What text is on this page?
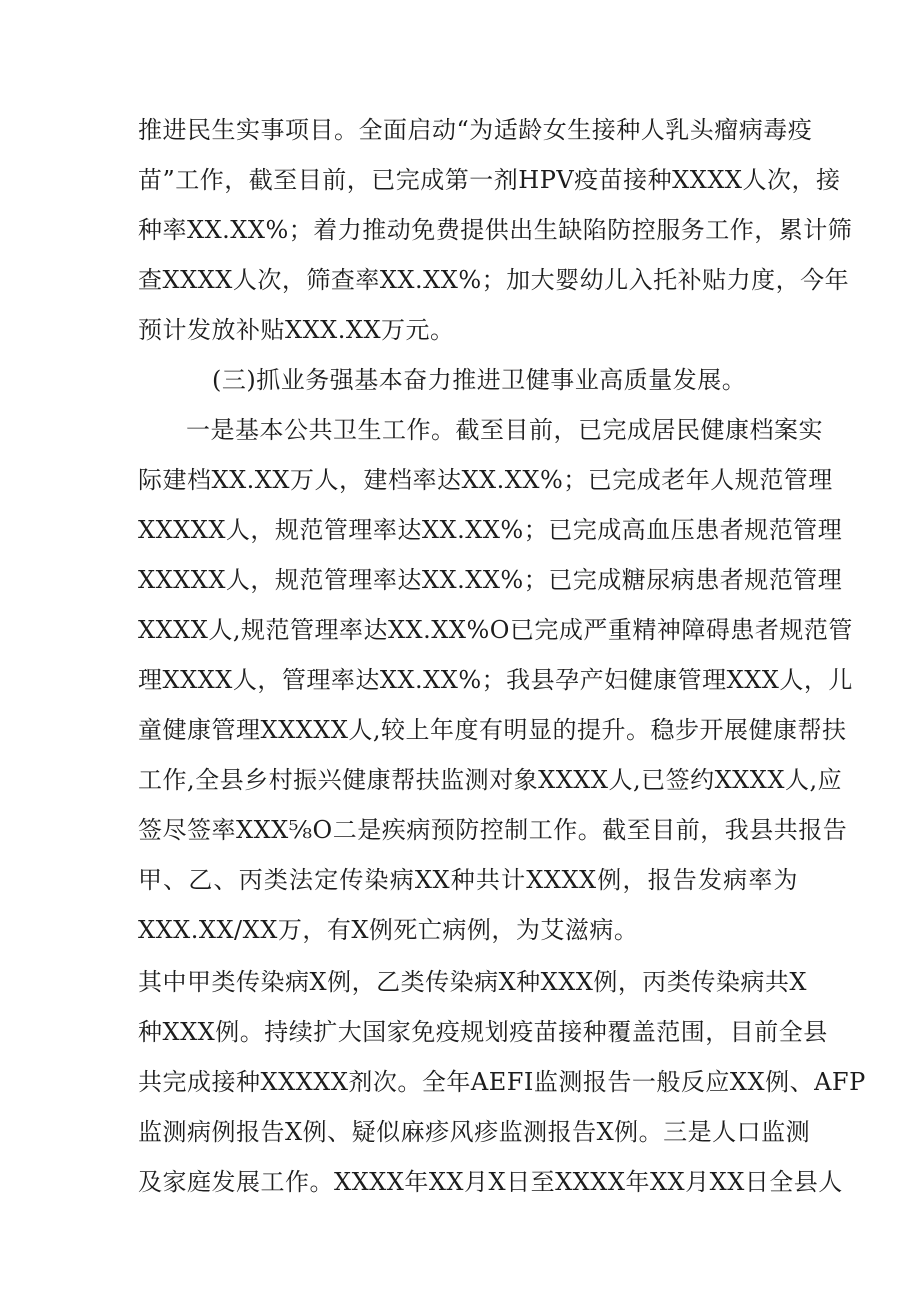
推进民生实事项目。全面启动“为适龄女生接种人乳头瘤病毒疫
苗”工作，截至目前，已完成第一剂HPV疫苗接种XXXX人次，接
种率XX.XX%；着力推动免费提供出生缺陷防控服务工作，累计筛
查XXXX人次，筛查率XX.XX%；加大婴幼儿入托补贴力度，今年
预计发放补贴XXX.XX万元。
(三)抓业务强基本奋力推进卫健事业高质量发展。
一是基本公共卫生工作。截至目前，已完成居民健康档案实
际建档XX.XX万人，建档率达XX.XX%；已完成老年人规范管理
XXXXX人，规范管理率达XX.XX%；已完成高血压患者规范管理
XXXXX人，规范管理率达XX.XX%；已完成糖尿病患者规范管理
XXXX人,规范管理率达XX.XX%O已完成严重精神障碍患者规范管
理XXXX人，管理率达XX.XX%；我县孕产妇健康管理XXX人，儿
童健康管理XXXXX人,较上年度有明显的提升。稳步开展健康帮扶
工作,全县乡村振兴健康帮扶监测对象XXXX人,已签约XXXX人,应
签尽签率XXX⅝O二是疾病预防控制工作。截至目前，我县共报告
甲、乙、丙类法定传染病XX种共计XXXX例，报告发病率为
XXX.XX/XX万，有X例死亡病例，为艾滋病。
其中甲类传染病X例，乙类传染病X种XXX例，丙类传染病共X
种XXX例。持续扩大国家免疫规划疫苗接种覆盖范围，目前全县
共完成接种XXXXX剂次。全年AEFI监测报告一般反应XX例、AFP
监测病例报告X例、疑似麻疹风疹监测报告X例。三是人口监测
及家庭发展工作。XXXX年XX月X日至XXXX年XX月XX日全县人
